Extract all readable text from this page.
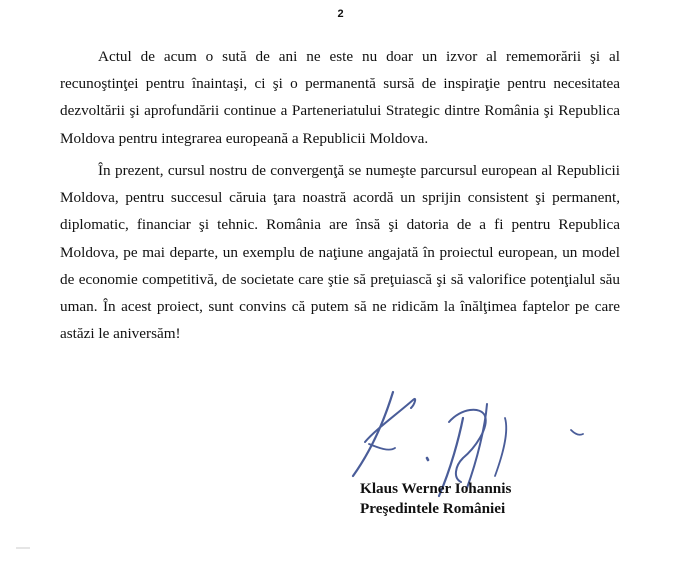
2

Actul de acum o sută de ani ne este nu doar un izvor al rememorării şi al recunoştinţei pentru înaintaşi, ci şi o permanentă sursă de inspiraţie pentru necesitatea dezvoltării şi aprofundării continue a Parteneriatului Strategic dintre România şi Republica Moldova pentru integrarea europeană a Republicii Moldova.

În prezent, cursul nostru de convergenţă se numeşte parcursul european al Republicii Moldova, pentru succesul căruia ţara noastră acordă un sprijin consistent şi permanent, diplomatic, financiar şi tehnic. România are însă şi datoria de a fi pentru Republica Moldova, pe mai departe, un exemplu de naţiune angajată în proiectul european, un model de economie competitivă, de societate care ştie să preţuiască şi să valorifice potenţialul său uman. În acest proiect, sunt convins că putem să ne ridicăm la înălţimea faptelor pe care astăzi le aniversăm!

Klaus Werner Iohannis
Preşedintele României
